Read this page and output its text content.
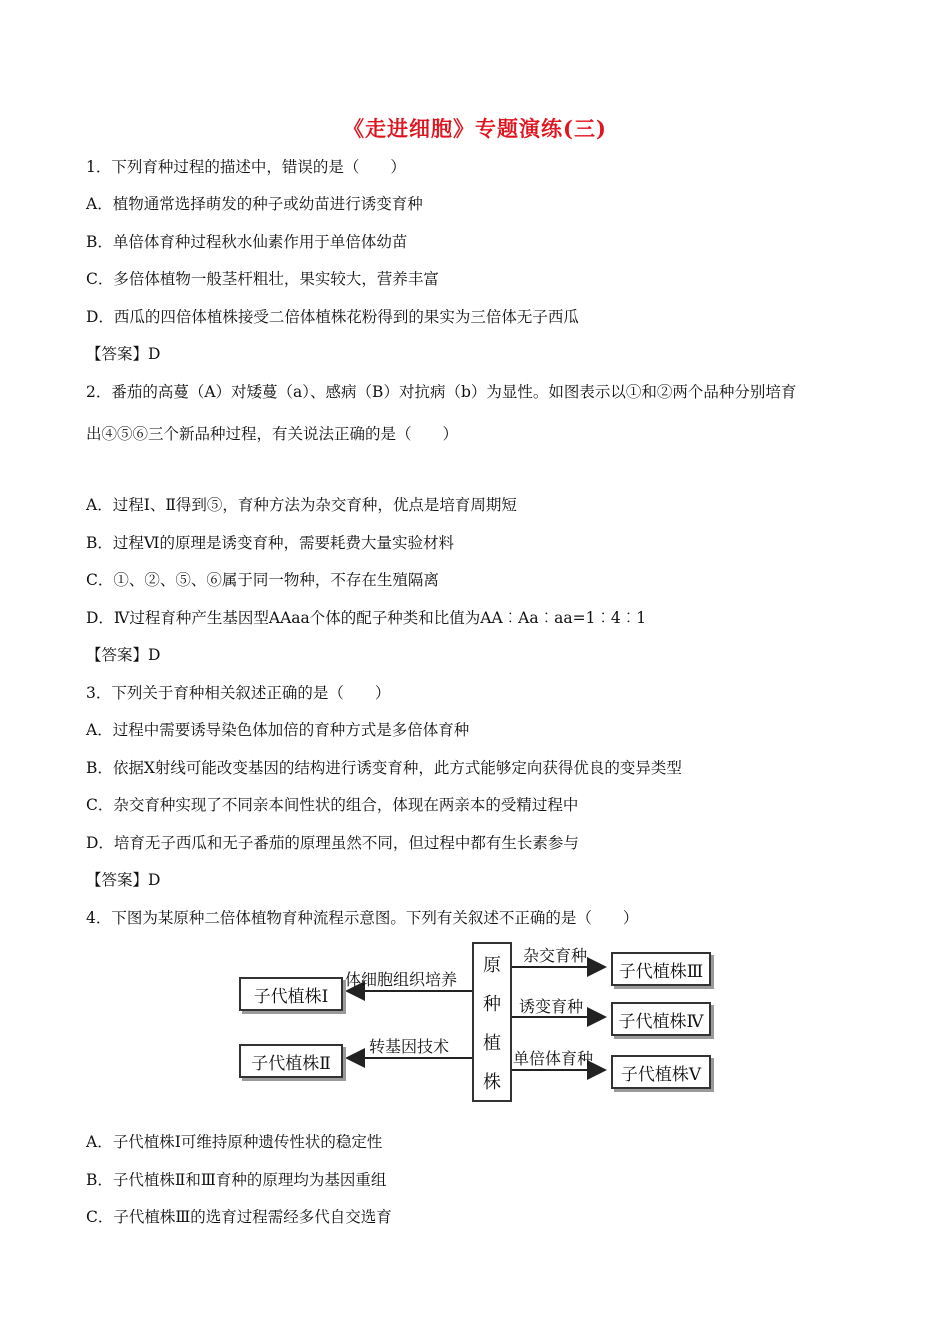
《走进细胞》专题演练(三)
1．下列育种过程的描述中，错误的是（　　）
A．植物通常选择萌发的种子或幼苗进行诱变育种
B．单倍体育种过程秋水仙素作用于单倍体幼苗
C．多倍体植物一般茎杆粗壮，果实较大，营养丰富
D．西瓜的四倍体植株接受二倍体植株花粉得到的果实为三倍体无子西瓜
【答案】D
2．番茄的高蔓（A）对矮蔓（a）、感病（B）对抗病（b）为显性。如图表示以①和②两个品种分别培育
出④⑤⑥三个新品种过程，有关说法正确的是（　　）
A．过程Ⅰ、Ⅱ得到⑤，育种方法为杂交育种，优点是培育周期短
B．过程Ⅵ的原理是诱变育种，需要耗费大量实验材料
C．①、②、⑤、⑥属于同一物种，不存在生殖隔离
D．Ⅳ过程育种产生基因型AAaa个体的配子种类和比值为AA︰Aa︰aa=1︰4︰1
【答案】D
3．下列关于育种相关叙述正确的是（　　）
A．过程中需要诱导染色体加倍的育种方式是多倍体育种
B．依据X射线可能改变基因的结构进行诱变育种，此方式能够定向获得优良的变异类型
C．杂交育种实现了不同亲本间性状的组合，体现在两亲本的受精过程中
D．培育无子西瓜和无子番茄的原理虽然不同，但过程中都有生长素参与
【答案】D
4．下图为某原种二倍体植物育种流程示意图。下列有关叙述不正确的是（　　）
原
种
植
株
子代植株Ⅰ
子代植株Ⅱ
体细胞组织培养
转基因技术
子代植株Ⅲ
子代植株Ⅳ
子代植株Ⅴ
杂交育种
诱变育种
单倍体育种
A．子代植株Ⅰ可维持原种遗传性状的稳定性
B．子代植株Ⅱ和Ⅲ育种的原理均为基因重组
C．子代植株Ⅲ的选育过程需经多代自交选育
